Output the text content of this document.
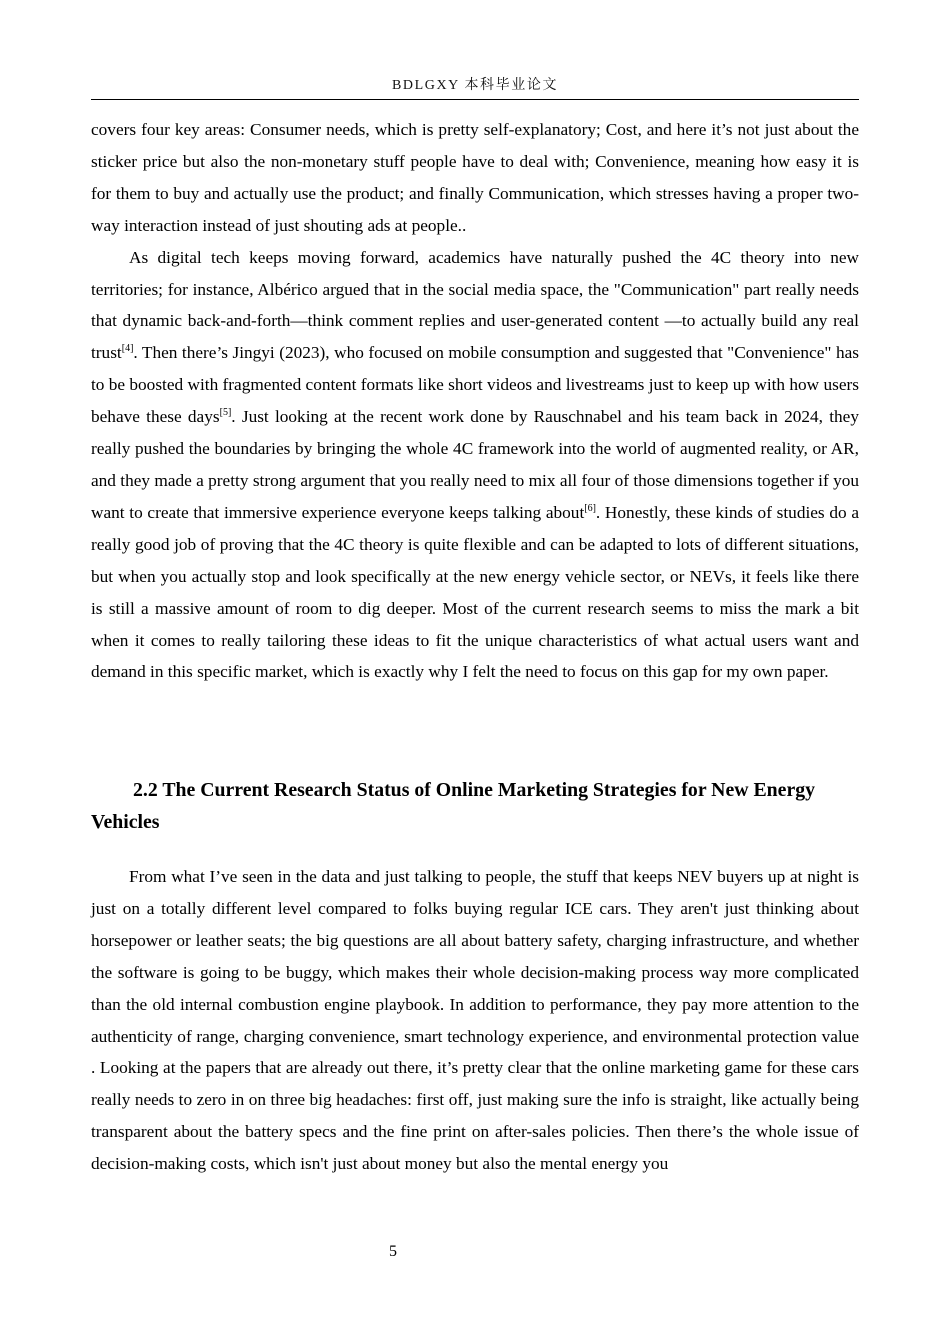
BDLGXY 本科毕业论文

covers four key areas: Consumer needs, which is pretty self-explanatory; Cost, and here it’s not just about the sticker price but also the non-monetary stuff people have to deal with; Convenience, meaning how easy it is for them to buy and actually use the product; and finally Communication, which stresses having a proper two-way interaction instead of just shouting ads at people..

As digital tech keeps moving forward, academics have naturally pushed the 4C theory into new territories; for instance, Albérico argued that in the social media space, the "Communication" part really needs that dynamic back-and-forth—think comment replies and user-generated content —to actually build any real trust[4]. Then there’s Jingyi (2023), who focused on mobile consumption and suggested that "Convenience" has to be boosted with fragmented content formats like short videos and livestreams just to keep up with how users behave these days[5]. Just looking at the recent work done by Rauschnabel and his team back in 2024, they really pushed the boundaries by bringing the whole 4C framework into the world of augmented reality, or AR, and they made a pretty strong argument that you really need to mix all four of those dimensions together if you want to create that immersive experience everyone keeps talking about[6]. Honestly, these kinds of studies do a really good job of proving that the 4C theory is quite flexible and can be adapted to lots of different situations, but when you actually stop and look specifically at the new energy vehicle sector, or NEVs, it feels like there is still a massive amount of room to dig deeper. Most of the current research seems to miss the mark a bit when it comes to really tailoring these ideas to fit the unique characteristics of what actual users want and demand in this specific market, which is exactly why I felt the need to focus on this gap for my own paper.

2.2 The Current Research Status of Online Marketing Strategies for New Energy Vehicles

From what I’ve seen in the data and just talking to people, the stuff that keeps NEV buyers up at night is just on a totally different level compared to folks buying regular ICE cars. They aren't just thinking about horsepower or leather seats; the big questions are all about battery safety, charging infrastructure, and whether the software is going to be buggy, which makes their whole decision-making process way more complicated than the old internal combustion engine playbook. In addition to performance, they pay more attention to the authenticity of range, charging convenience, smart technology experience, and environmental protection value . Looking at the papers that are already out there, it’s pretty clear that the online marketing game for these cars really needs to zero in on three big headaches: first off, just making sure the info is straight, like actually being transparent about the battery specs and the fine print on after-sales policies. Then there’s the whole issue of decision-making costs, which isn't just about money but also the mental energy you

5
